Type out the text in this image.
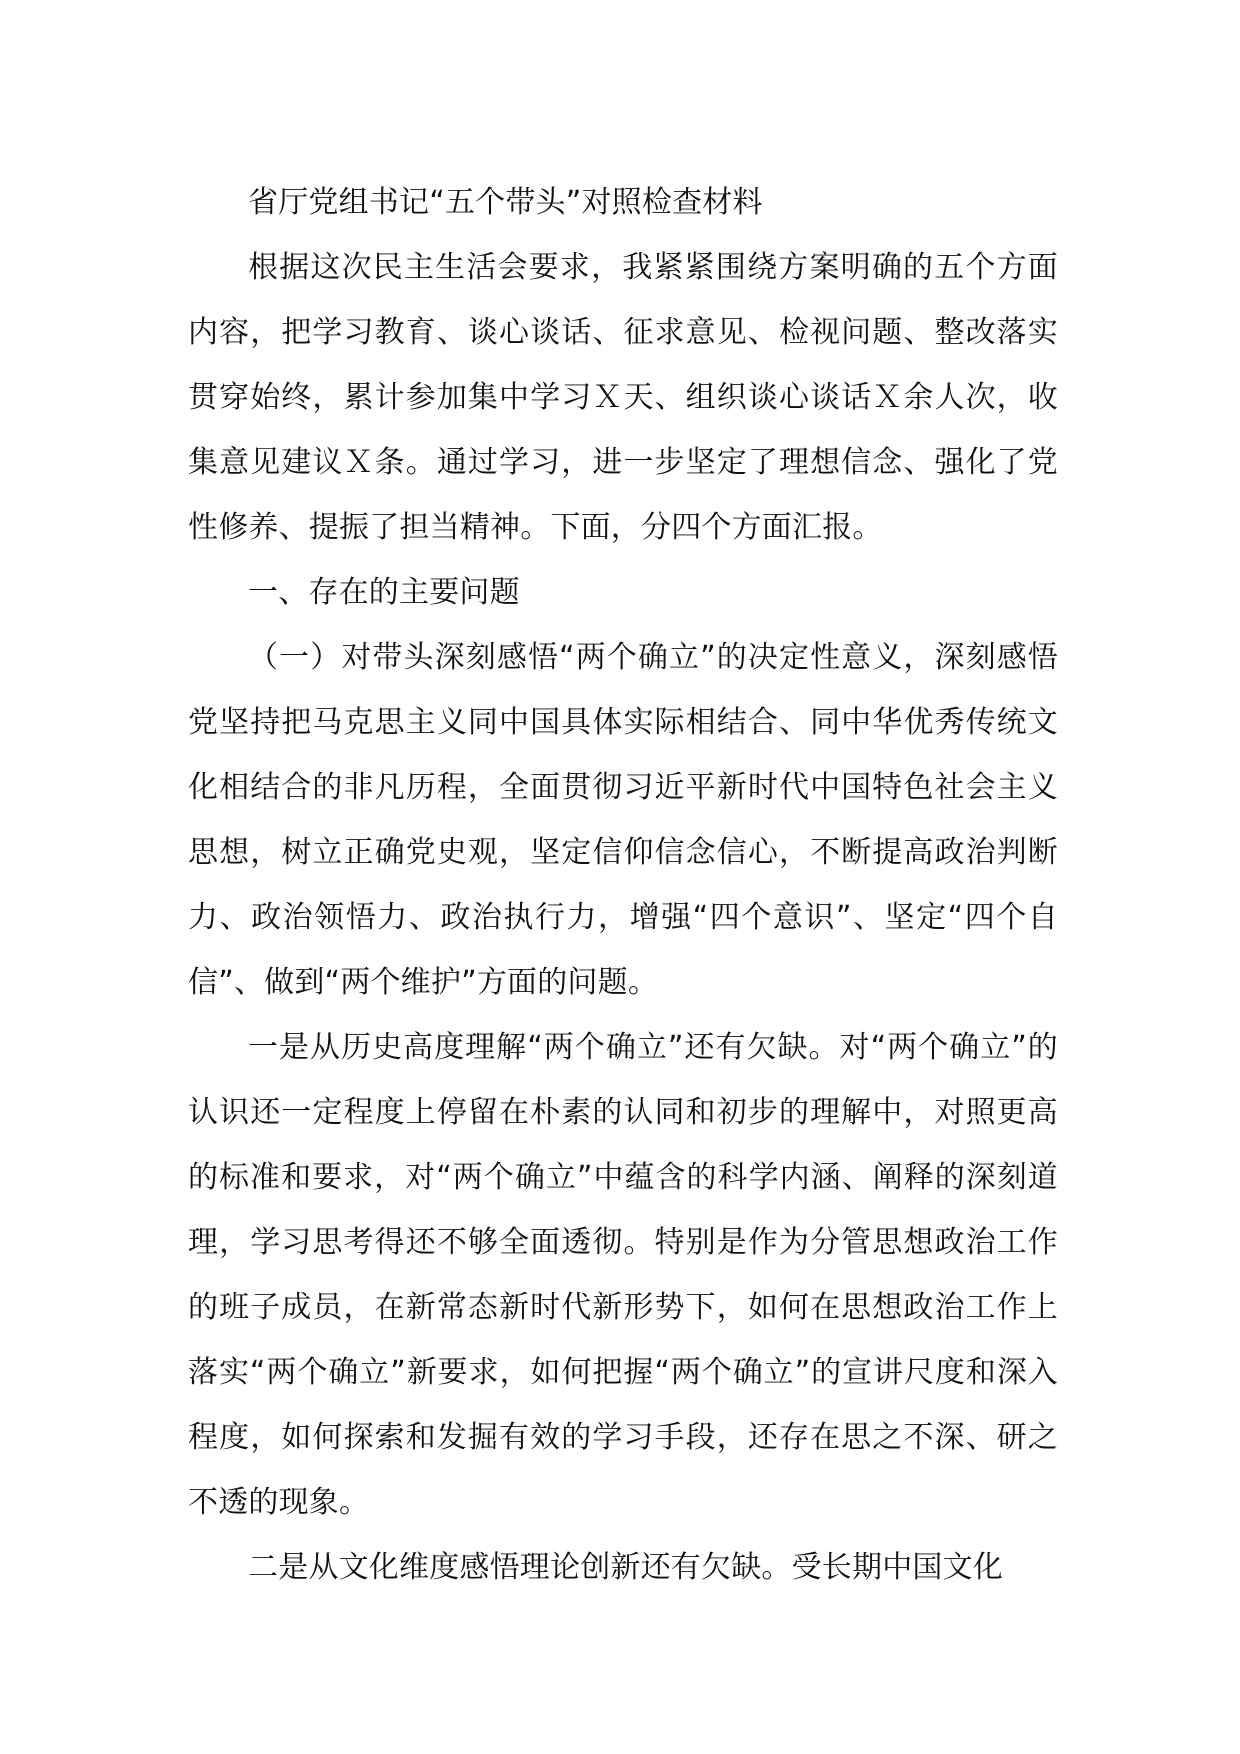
省厅党组书记“五个带头”对照检查材料

根据这次民主生活会要求，我紧紧围绕方案明确的五个方面内容，把学习教育、谈心谈话、征求意见、检视问题、整改落实贯穿始终，累计参加集中学习Ｘ天、组织谈心谈话Ｘ余人次，收集意见建议Ｘ条。通过学习，进一步坚定了理想信念、强化了党性修养、提振了担当精神。下面，分四个方面汇报。

一、存在的主要问题

（一）对带头深刻感悟“两个确立”的决定性意义，深刻感悟党坚持把马克思主义同中国具体实际相结合、同中华优秀传统文化相结合的非凡历程，全面贯彻习近平新时代中国特色社会主义思想，树立正确党史观，坚定信仰信念信心，不断提高政治判断力、政治领悟力、政治执行力，增强“四个意识”、坚定“四个自信”、做到“两个维护”方面的问题。

一是从历史高度理解“两个确立”还有欠缺。对“两个确立”的认识还一定程度上停留在朴素的认同和初步的理解中，对照更高的标准和要求，对“两个确立”中蕴含的科学内涵、阐释的深刻道理，学习思考得还不够全面透彻。特别是作为分管思想政治工作的班子成员，在新常态新时代新形势下，如何在思想政治工作上落实“两个确立”新要求，如何把握“两个确立”的宣讲尺度和深入程度，如何探索和发掘有效的学习手段，还存在思之不深、研之不透的现象。

二是从文化维度感悟理论创新还有欠缺。受长期中国文化
